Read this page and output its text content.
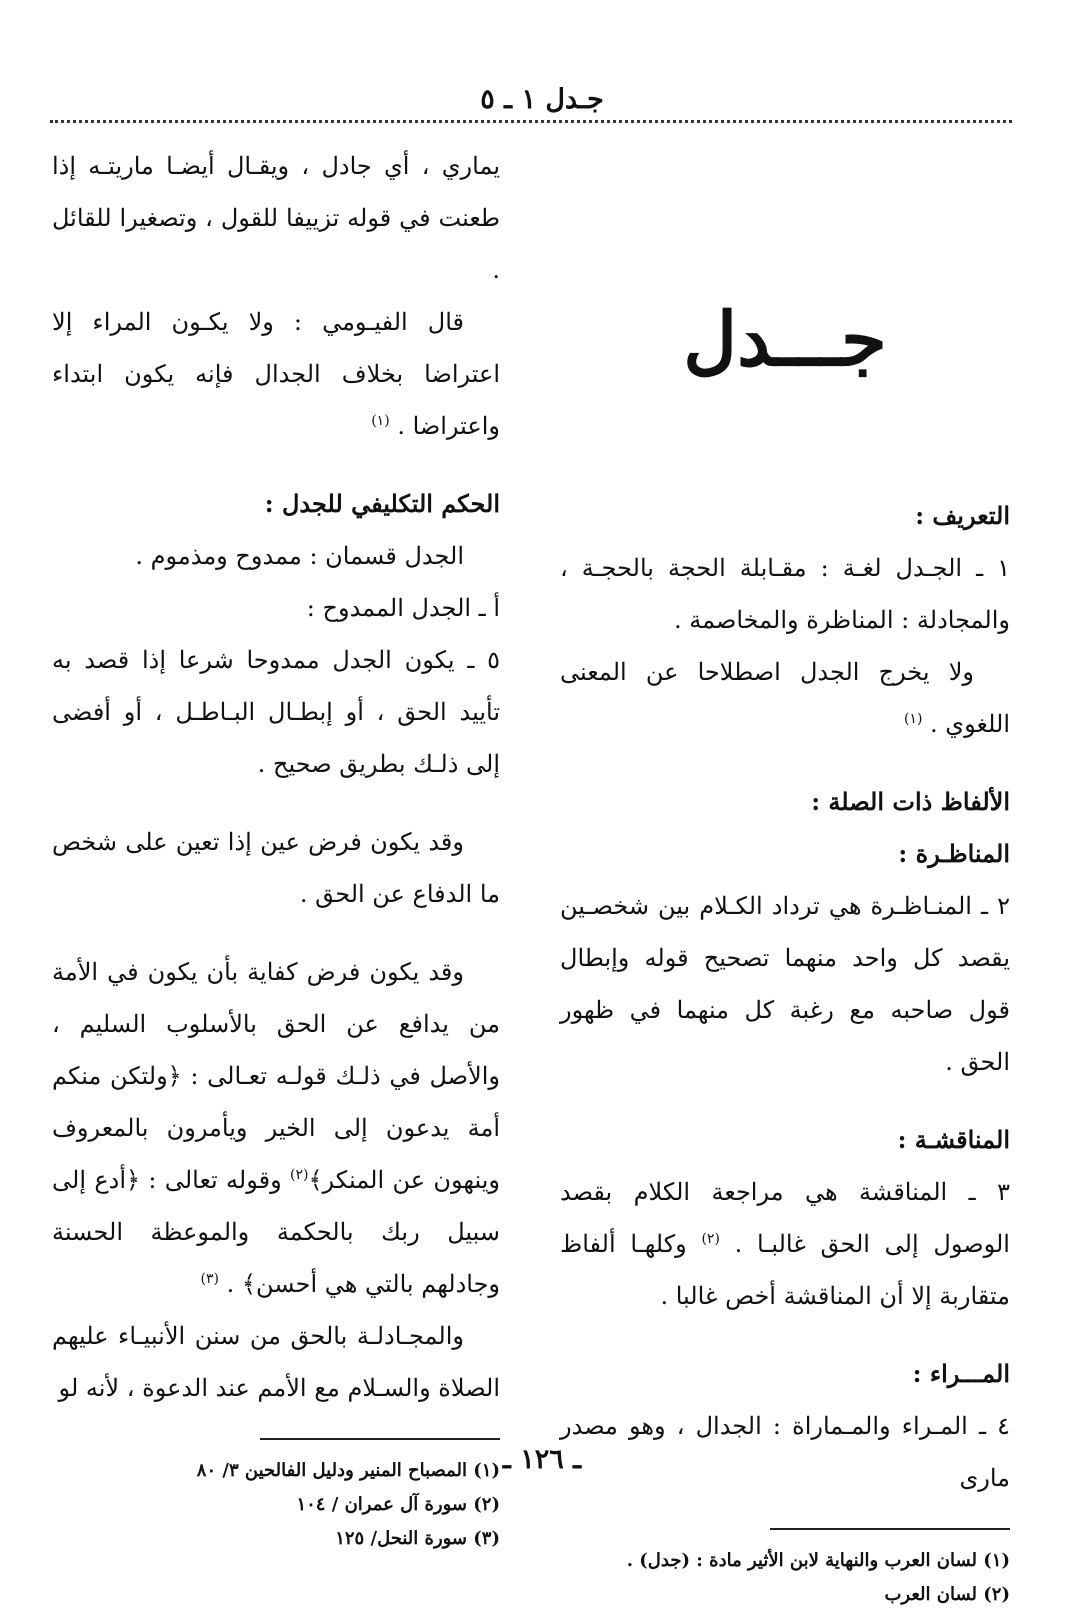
جـدل ١ ـ ٥
جـــدل

التعريف :

١ ـ الجـدل لغـة : مقـابلة الحجة بالحجـة ، والمجادلة : المناظرة والمخاصمة .

ولا يخرج الجدل اصطلاحا عن المعنى اللغوي . $^{(١)}$

الألفاظ ذات الصلة :

المناظـرة :

٢ ـ المنـاظـرة هي ترداد الكـلام بين شخصـين يقصد كل واحد منهما تصحيح قوله وإبطال قول صاحبه مع رغبة كل منهما في ظهور الحق .

المناقشـة :

٣ ـ المناقشة هي مراجعة الكلام بقصد الوصول إلى الحق غالبـا . $^{(٢)}$ وكلهـا ألفاظ متقاربة إلا أن المناقشة أخص غالبا .

المـــراء :

٤ ـ المـراء والمـماراة : الجدال ، وهو مصدر مارى

(١) لسان العرب والنهاية لابن الأثير مادة : (جدل) .

(٢) لسان العرب

يماري ، أي جادل ، ويقـال أيضـا ماريتـه إذا طعنت في قوله تزييفا للقول ، وتصغيرا للقائل .

قال الفيـومي : ولا يكـون المراء إلا اعتراضا بخلاف الجدال فإنه يكون ابتداء واعتراضا . $^{(١)}$

الحكم التكليفي للجدل :

الجدل قسمان : ممدوح ومذموم .

أ ـ الجدل الممدوح :

٥ ـ يكون الجدل ممدوحا شرعا إذا قصد به تأييد الحق ، أو إبطـال البـاطـل ، أو أفضى إلى ذلـك بطريق صحيح .

وقد يكون فرض عين إذا تعين على شخص ما الدفاع عن الحق .

وقد يكون فرض كفاية بأن يكون في الأمة من يدافع عن الحق بالأسلوب السليم ، والأصل في ذلـك قولـه تعـالى : ﴿ولتكن منكم أمة يدعون إلى الخير ويأمرون بالمعروف وينهون عن المنكر﴾$^{(٢)}$ وقوله تعالى : ﴿أدع إلى سبيل ربك بالحكمة والموعظة الحسنة وجادلهم بالتي هي أحسن﴾ . $^{(٣)}$

والمجـادلـة بالحق من سنن الأنبيـاء عليهم الصلاة والسـلام مع الأمم عند الدعوة ، لأنه لو

(١) المصباح المنير ودليل الفالحين ٣/ ٨٠

(٢) سورة آل عمران / ١٠٤

(٣) سورة النحل/ ١٢٥

ـ ١٢٦ ـ
